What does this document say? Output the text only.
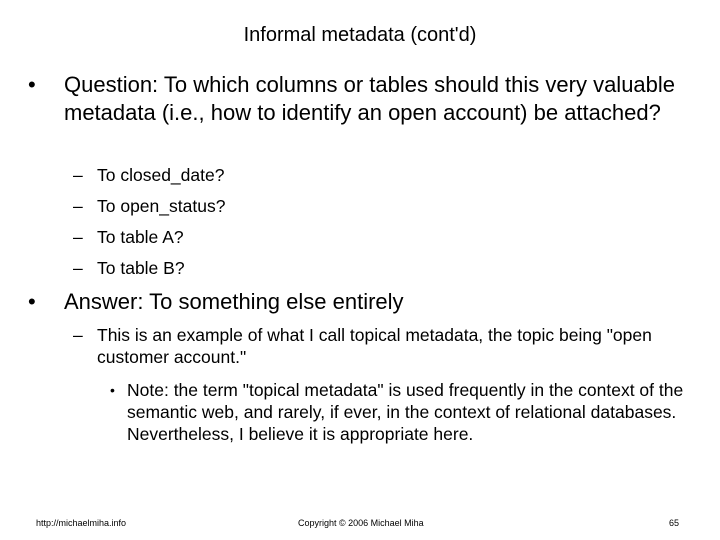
Informal metadata (cont'd)
• Question: To which columns or tables should this very valuable metadata (i.e., how to identify an open account) be attached?
– To closed_date?
– To open_status?
– To table A?
– To table B?
• Answer: To something else entirely
– This is an example of what I call topical metadata, the topic being "open customer account."
• Note: the term "topical metadata" is used frequently in the context of the semantic web, and rarely, if ever, in the context of relational databases. Nevertheless, I believe it is appropriate here.
http://michaelmiha.info	Copyright © 2006 Michael Miha	65
